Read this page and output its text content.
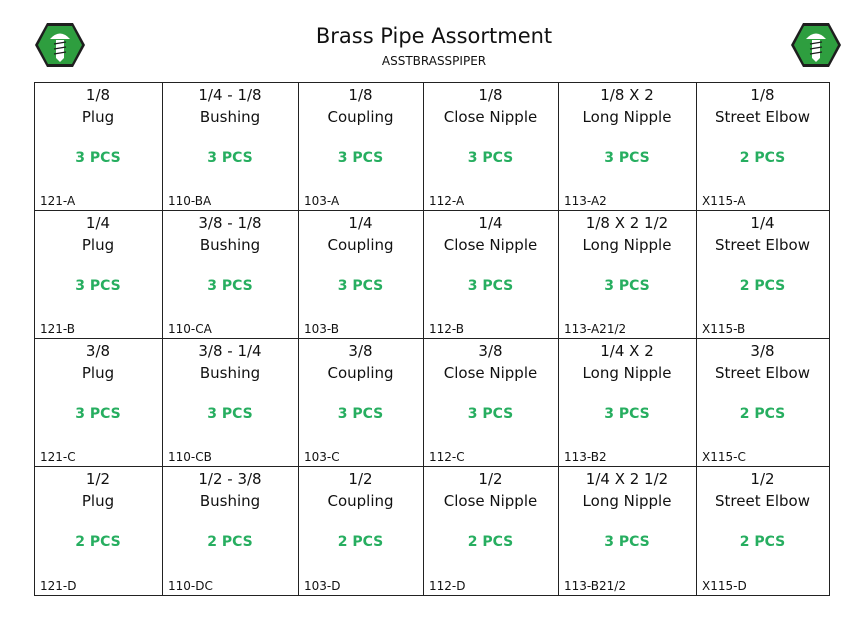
Brass Pipe Assortment
ASSTBRASSPIPER
1/8
Plug
3 PCS
121-A
1/4 - 1/8
Bushing
3 PCS
110-BA
1/8
Coupling
3 PCS
103-A
1/8
Close Nipple
3 PCS
112-A
1/8 X 2
Long Nipple
3 PCS
113-A2
1/8
Street Elbow
2 PCS
X115-A
1/4
Plug
3 PCS
121-B
3/8 - 1/8
Bushing
3 PCS
110-CA
1/4
Coupling
3 PCS
103-B
1/4
Close Nipple
3 PCS
112-B
1/8 X 2 1/2
Long Nipple
3 PCS
113-A21/2
1/4
Street Elbow
2 PCS
X115-B
3/8
Plug
3 PCS
121-C
3/8 - 1/4
Bushing
3 PCS
110-CB
3/8
Coupling
3 PCS
103-C
3/8
Close Nipple
3 PCS
112-C
1/4 X 2
Long Nipple
3 PCS
113-B2
3/8
Street Elbow
2 PCS
X115-C
1/2
Plug
2 PCS
121-D
1/2 - 3/8
Bushing
2 PCS
110-DC
1/2
Coupling
2 PCS
103-D
1/2
Close Nipple
2 PCS
112-D
1/4 X 2 1/2
Long Nipple
3 PCS
113-B21/2
1/2
Street Elbow
2 PCS
X115-D
